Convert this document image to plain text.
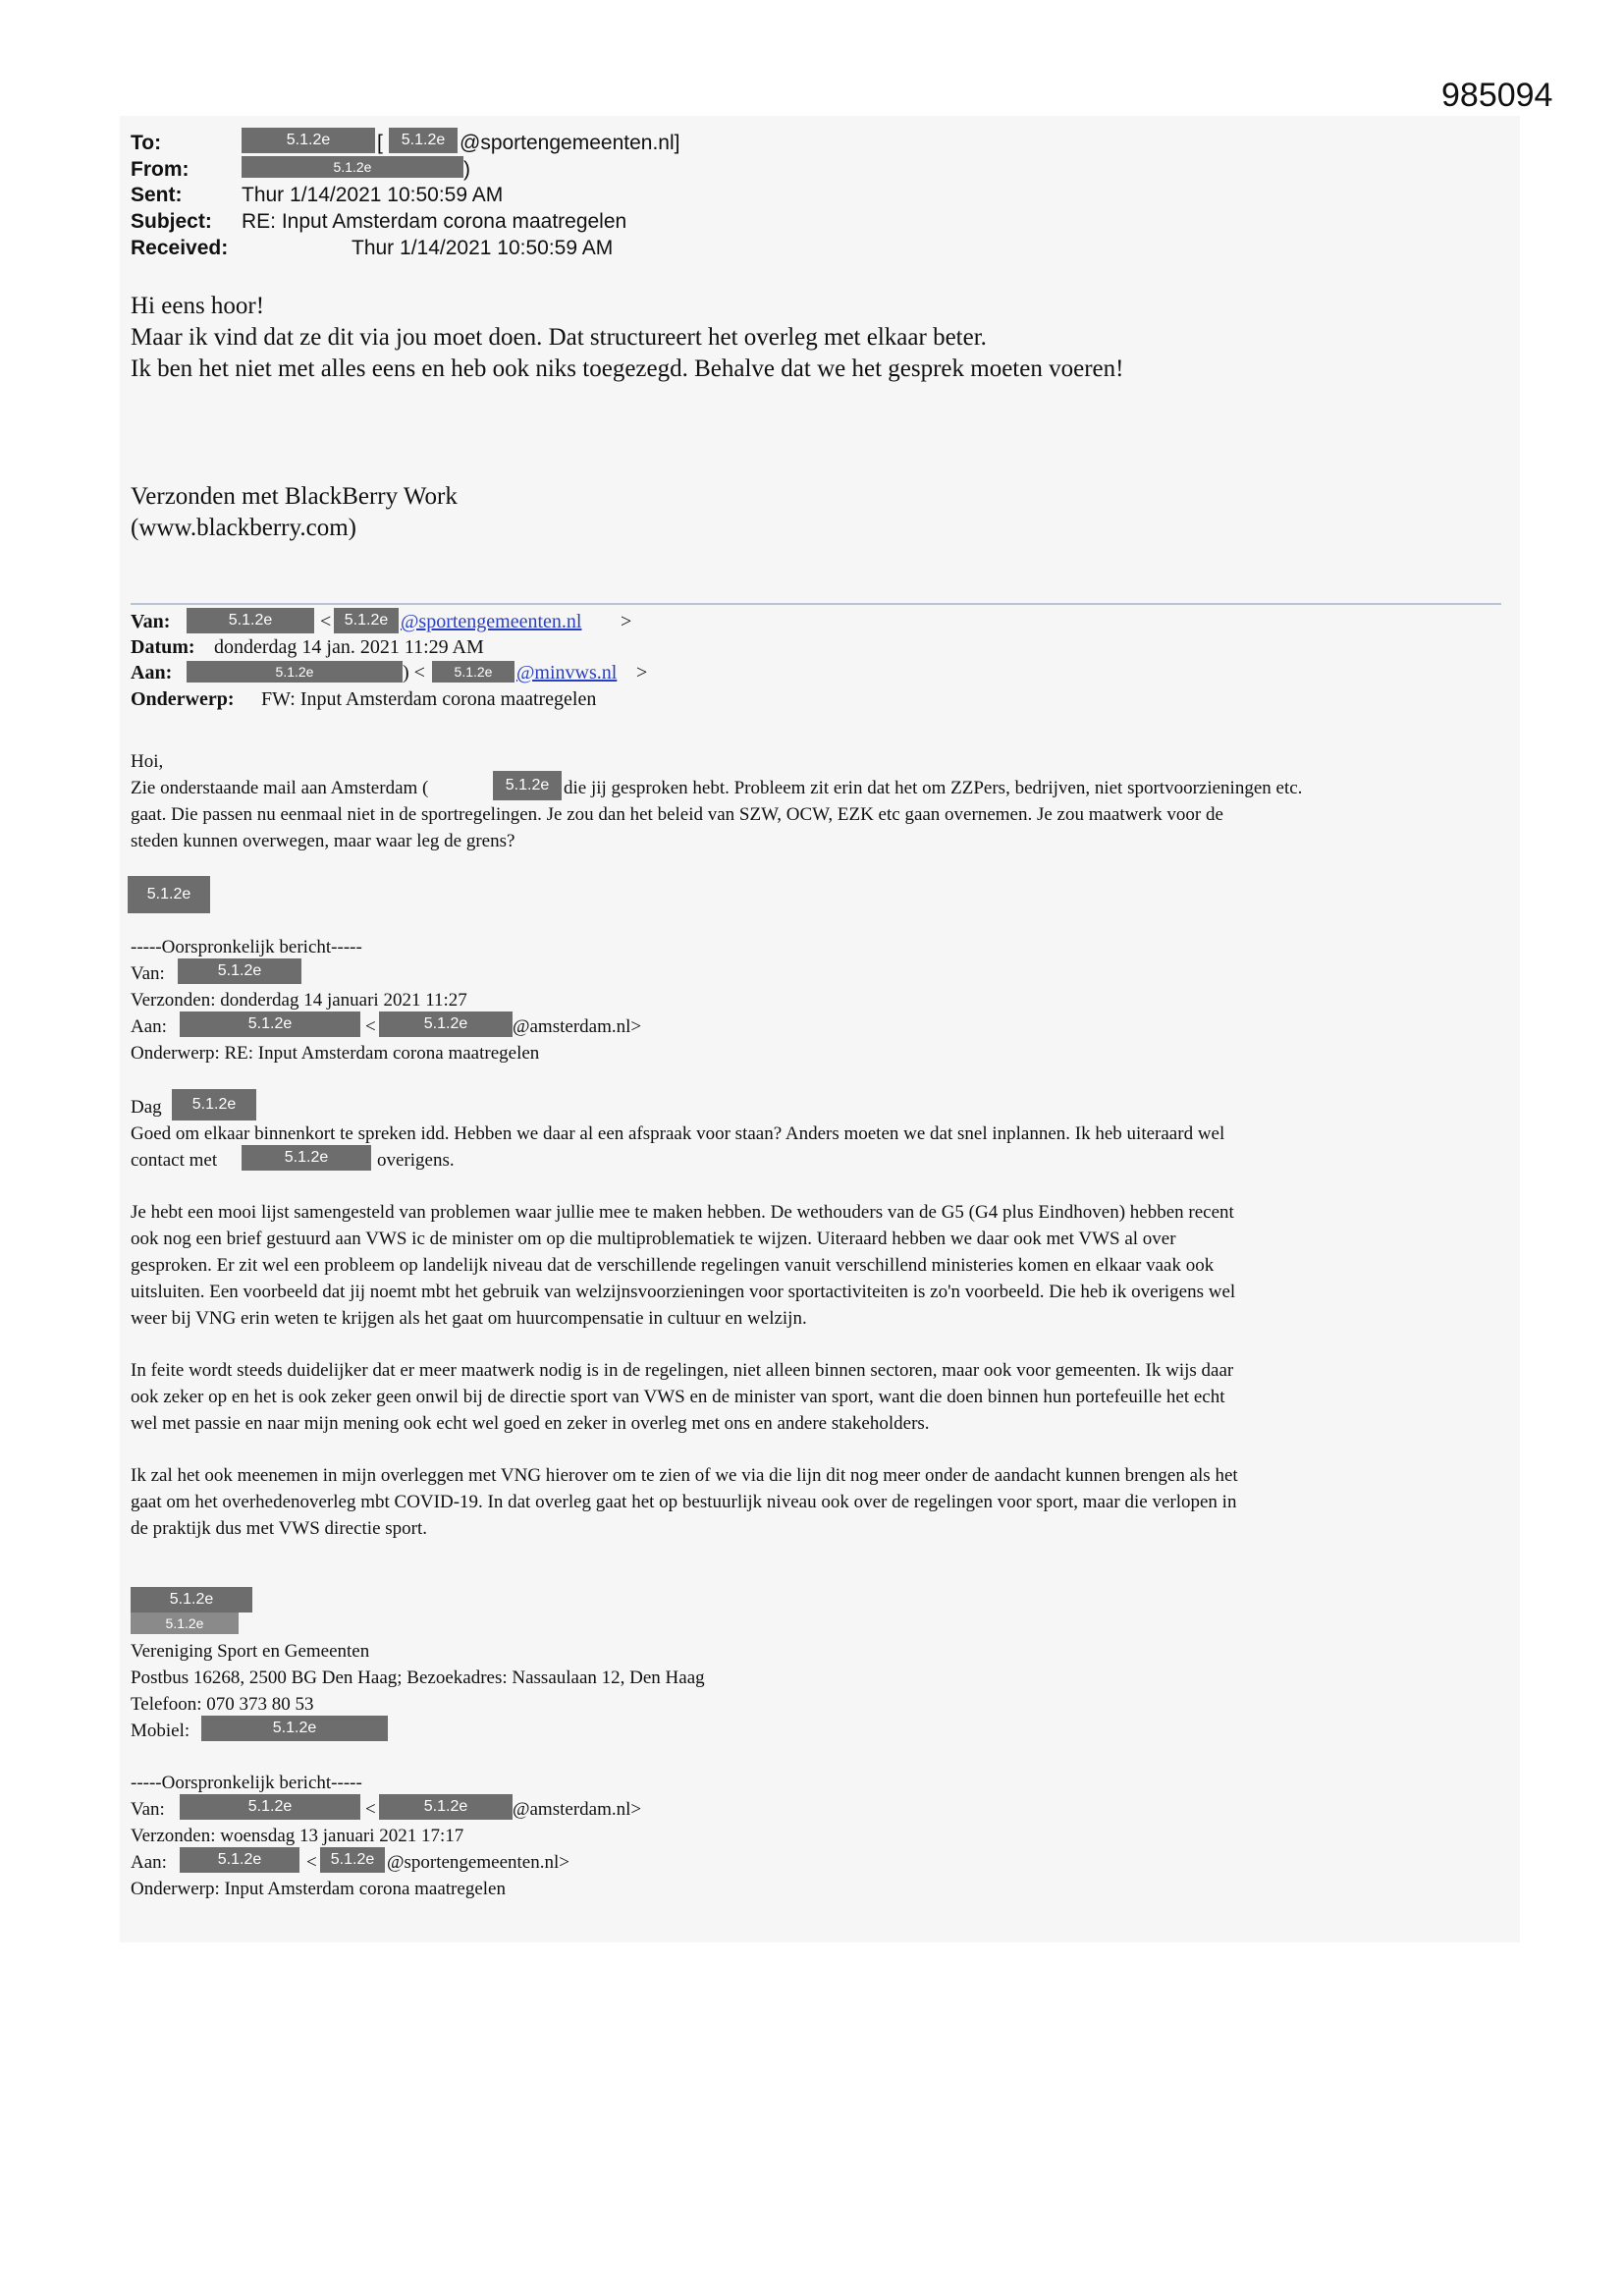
985094
To:	5.1.2e	[	5.1.2e @sportengemeenten.nl]
From:	5.1.2e	)
Sent:	Thur 1/14/2021 10:50:59 AM
Subject: RE: Input Amsterdam corona maatregelen
Received:	Thur 1/14/2021 10:50:59 AM
Hi eens hoor!
Maar ik vind dat ze dit via jou moet doen. Dat structureert het overleg met elkaar beter.
Ik ben het niet met alles eens en heb ook niks toegezegd. Behalve dat we het gesprek moeten voeren!
Verzonden met BlackBerry Work
(www.blackberry.com)
Van:	5.1.2e	< 5.1.2e @sportengemeenten.nl >
Datum: donderdag 14 jan. 2021 11:29 AM
Aan:	5.1.2e	) <	5.1.2e	@minvws.nl >
Onderwerp: FW: Input Amsterdam corona maatregelen
Hoi,
Zie onderstaande mail aan Amsterdam (	5.1.2e die jij gesproken hebt. Probleem zit erin dat het om ZZPers, bedrijven, niet sportvoorzieningen etc.
gaat. Die passen nu eenmaal niet in de sportregelingen. Je zou dan het beleid van SZW, OCW, EZK etc gaan overnemen. Je zou maatwerk voor de
steden kunnen overwegen, maar waar leg de grens?
5.1.2e
-----Oorspronkelijk bericht-----
Van:	5.1.2e
Verzonden: donderdag 14 januari 2021 11:27
Aan:	5.1.2e	<	5.1.2e	@amsterdam.nl>
Onderwerp: RE: Input Amsterdam corona maatregelen
Dag	5.1.2e
Goed om elkaar binnenkort te spreken idd. Hebben we daar al een afspraak voor staan? Anders moeten we dat snel inplannen. Ik heb uiteraard wel
contact met	5.1.2e	overigens.
Je hebt een mooi lijst samengesteld van problemen waar jullie mee te maken hebben. De wethouders van de G5 (G4 plus Eindhoven) hebben recent
ook nog een brief gestuurd aan VWS ic de minister om op die multiproblematiek te wijzen. Uiteraard hebben we daar ook met VWS al over
gesproken. Er zit wel een probleem op landelijk niveau dat de verschillende regelingen vanuit verschillend ministeries komen en elkaar vaak ook
uitsluiten. Een voorbeeld dat jij noemt mbt het gebruik van welzijnsvoorzieningen voor sportactiviteiten is zo'n voorbeeld. Die heb ik overigens wel
weer bij VNG erin weten te krijgen als het gaat om huurcompensatie in cultuur en welzijn.
In feite wordt steeds duidelijker dat er meer maatwerk nodig is in de regelingen, niet alleen binnen sectoren, maar ook voor gemeenten. Ik wijs daar
ook zeker op en het is ook zeker geen onwil bij de directie sport van VWS en de minister van sport, want die doen binnen hun portefeuille het echt
wel met passie en naar mijn mening ook echt wel goed en zeker in overleg met ons en andere stakeholders.
Ik zal het ook meenemen in mijn overleggen met VNG hierover om te zien of we via die lijn dit nog meer onder de aandacht kunnen brengen als het
gaat om het overhedenoverleg mbt COVID-19. In dat overleg gaat het op bestuurlijk niveau ook over de regelingen voor sport, maar die verlopen in
de praktijk dus met VWS directie sport.
5.1.2e
5.1.2e
Vereniging Sport en Gemeenten
Postbus 16268, 2500 BG Den Haag; Bezoekadres: Nassaulaan 12, Den Haag
Telefoon: 070 373 80 53
Mobiel:	5.1.2e
-----Oorspronkelijk bericht-----
Van:	5.1.2e	<	5.1.2e	@amsterdam.nl>
Verzonden: woensdag 13 januari 2021 17:17
Aan:	5.1.2e	< 5.1.2e @sportengemeenten.nl>
Onderwerp: Input Amsterdam corona maatregelen
